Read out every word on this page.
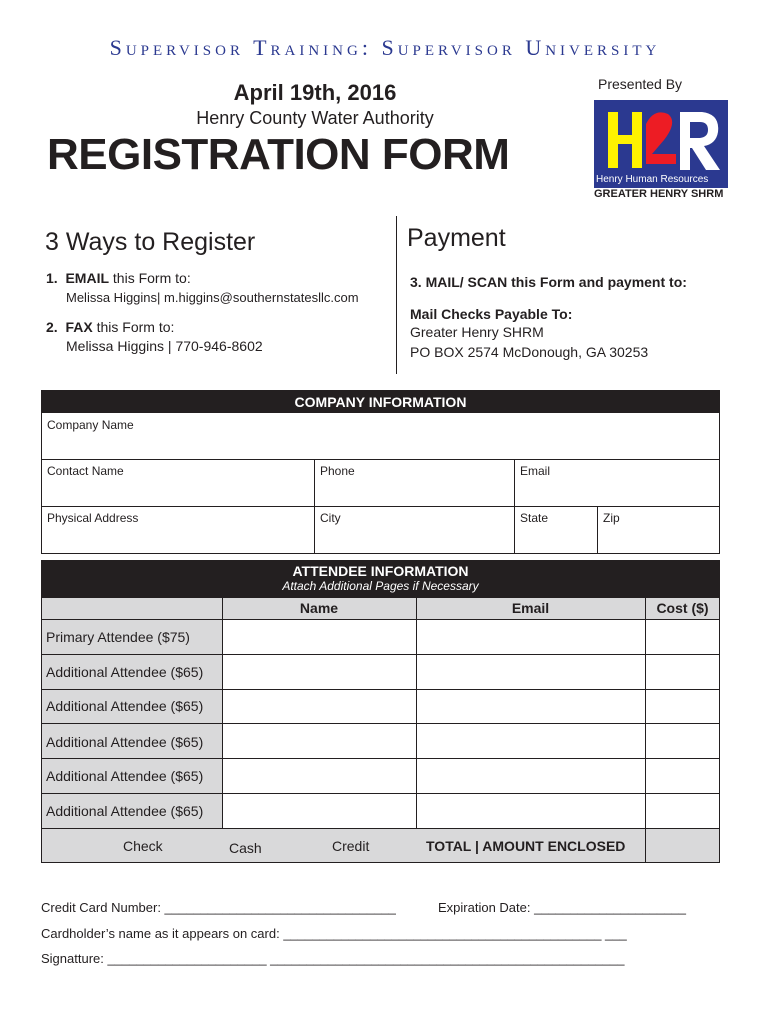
Supervisor Training: Supervisor University
April 19th, 2016
Henry County Water Authority
REGISTRATION FORM
Presented By
Henry Human Resources
GREATER HENRY SHRM
3 Ways to Register	Payment
1. EMAIL this Form to:
Melissa Higgins| m.higgins@southernstatesllc.com
2. FAX this Form to:
Melissa Higgins | 770-946-8602
3. MAIL/ SCAN this Form and payment to:
Mail Checks Payable To:
Greater Henry SHRM
PO BOX 2574 McDonough, GA 30253
COMPANY INFORMATION
Company Name
Contact Name	Phone	Email
Physical Address	City	State	Zip
ATTENDEE INFORMATION
Attach Additional Pages if Necessary
Name	Email	Cost ($)
Primary Attendee ($75)
Additional Attendee ($65)
Additional Attendee ($65)
Additional Attendee ($65)
Additional Attendee ($65)
Additional Attendee ($65)
Check	Cash	Credit	TOTAL | AMOUNT ENCLOSED
Credit Card Number: ________________________________	Expiration Date: _____________________
Cardholder’s name as it appears on card: ____________________________________________ ___
Signatture: ______________________ _________________________________________________
